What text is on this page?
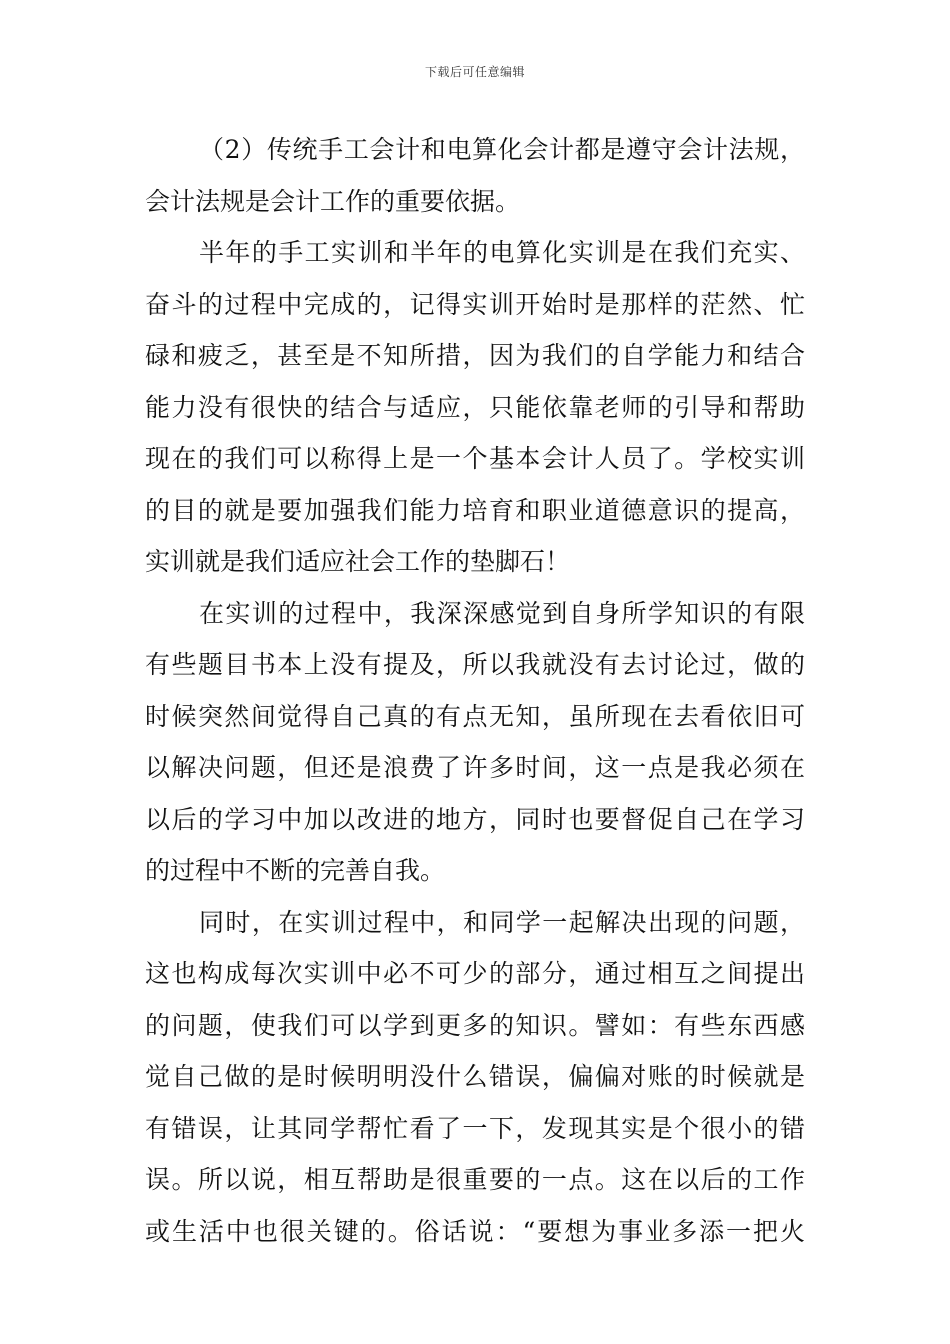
下载后可任意编辑
（2）传统手工会计和电算化会计都是遵守会计法规，
会计法规是会计工作的重要依据。
半年的手工实训和半年的电算化实训是在我们充实、
奋斗的过程中完成的，记得实训开始时是那样的茫然、忙
碌和疲乏，甚至是不知所措，因为我们的自学能力和结合
能力没有很快的结合与适应，只能依靠老师的引导和帮助
现在的我们可以称得上是一个基本会计人员了。学校实训
的目的就是要加强我们能力培育和职业道德意识的提高，
实训就是我们适应社会工作的垫脚石！
在实训的过程中，我深深感觉到自身所学知识的有限
有些题目书本上没有提及，所以我就没有去讨论过，做的
时候突然间觉得自己真的有点无知，虽所现在去看依旧可
以解决问题，但还是浪费了许多时间，这一点是我必须在
以后的学习中加以改进的地方，同时也要督促自己在学习
的过程中不断的完善自我。
同时，在实训过程中，和同学一起解决出现的问题，
这也构成每次实训中必不可少的部分，通过相互之间提出
的问题，使我们可以学到更多的知识。譬如：有些东西感
觉自己做的是时候明明没什么错误，偏偏对账的时候就是
有错误，让其同学帮忙看了一下，发现其实是个很小的错
误。所以说，相互帮助是很重要的一点。这在以后的工作
或生活中也很关键的。俗话说：“要想为事业多添一把火
